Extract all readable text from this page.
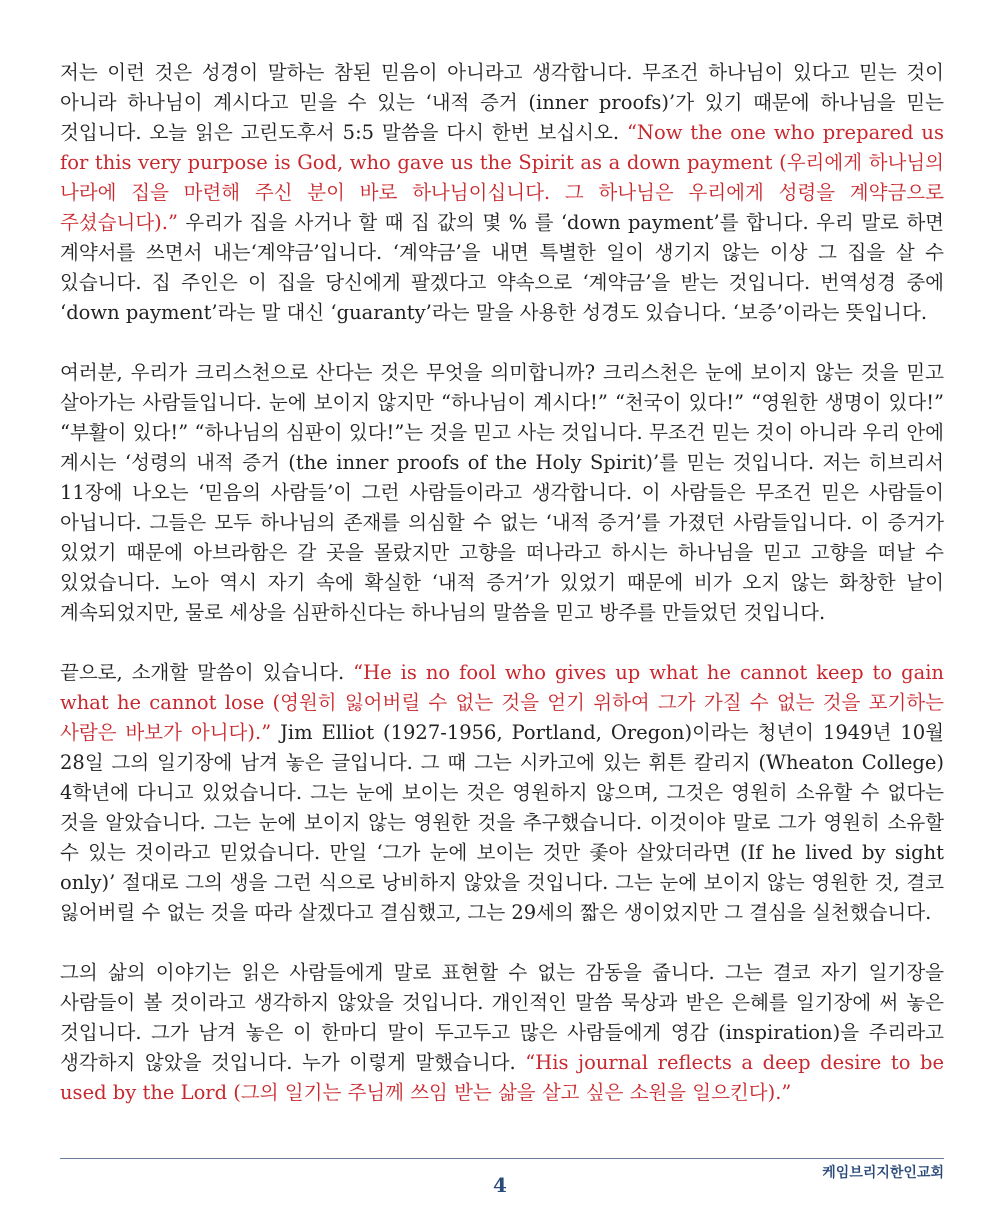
저는 이런 것은 성경이 말하는 참된 믿음이 아니라고 생각합니다. 무조건 하나님이 있다고 믿는 것이 아니라 하나님이 계시다고 믿을 수 있는 ‘내적 증거 (inner proofs)’가 있기 때문에 하나님을 믿는 것입니다. 오늘 읽은 고린도후서 5:5 말씀을 다시 한번 보십시오. “Now the one who prepared us for this very purpose is God, who gave us the Spirit as a down payment (우리에게 하나님의 나라에 집을 마련해 주신 분이 바로 하나님이십니다. 그 하나님은 우리에게 성령을 계약금으로 주셨습니다).” 우리가 집을 사거나 할 때 집 값의 몇 % 를 ‘down payment’를 합니다. 우리 말로 하면 계약서를 쓰면서 내는‘계약금’입니다. ‘계약금’을 내면 특별한 일이 생기지 않는 이상 그 집을 살 수 있습니다. 집 주인은 이 집을 당신에게 팔겠다고 약속으로 ‘계약금’을 받는 것입니다. 번역성경 중에 ‘down payment’라는 말 대신 ‘guaranty’라는 말을 사용한 성경도 있습니다. ‘보증’이라는 뜻입니다.

여러분, 우리가 크리스천으로 산다는 것은 무엇을 의미합니까? 크리스천은 눈에 보이지 않는 것을 믿고 살아가는 사람들입니다. 눈에 보이지 않지만 “하나님이 계시다!” “천국이 있다!” “영원한 생명이 있다!” “부활이 있다!” “하나님의 심판이 있다!”는 것을 믿고 사는 것입니다. 무조건 믿는 것이 아니라 우리 안에 계시는 ‘성령의 내적 증거 (the inner proofs of the Holy Spirit)’를 믿는 것입니다. 저는 히브리서 11장에 나오는 ‘믿음의 사람들’이 그런 사람들이라고 생각합니다. 이 사람들은 무조건 믿은 사람들이 아닙니다. 그들은 모두 하나님의 존재를 의심할 수 없는 ‘내적 증거’를 가졌던 사람들입니다. 이 증거가 있었기 때문에 아브라함은 갈 곳을 몰랐지만 고향을 떠나라고 하시는 하나님을 믿고 고향을 떠날 수 있었습니다. 노아 역시 자기 속에 확실한 ‘내적 증거’가 있었기 때문에 비가 오지 않는 화창한 날이 계속되었지만, 물로 세상을 심판하신다는 하나님의 말씀을 믿고 방주를 만들었던 것입니다.

끝으로, 소개할 말씀이 있습니다. “He is no fool who gives up what he cannot keep to gain what he cannot lose (영원히 잃어버릴 수 없는 것을 얻기 위하여 그가 가질 수 없는 것을 포기하는 사람은 바보가 아니다).” Jim Elliot (1927-1956, Portland, Oregon)이라는 청년이 1949년 10월 28일 그의 일기장에 남겨 놓은 글입니다. 그 때 그는 시카고에 있는 휘튼 칼리지 (Wheaton College) 4학년에 다니고 있었습니다. 그는 눈에 보이는 것은 영원하지 않으며, 그것은 영원히 소유할 수 없다는 것을 알았습니다. 그는 눈에 보이지 않는 영원한 것을 추구했습니다. 이것이야 말로 그가 영원히 소유할 수 있는 것이라고 믿었습니다. 만일 ‘그가 눈에 보이는 것만 좇아 살았더라면 (If he lived by sight only)’ 절대로 그의 생을 그런 식으로 낭비하지 않았을 것입니다. 그는 눈에 보이지 않는 영원한 것, 결코 잃어버릴 수 없는 것을 따라 살겠다고 결심했고, 그는 29세의 짧은 생이었지만 그 결심을 실천했습니다.

그의 삶의 이야기는 읽은 사람들에게 말로 표현할 수 없는 감동을 줍니다. 그는 결코 자기 일기장을 사람들이 볼 것이라고 생각하지 않았을 것입니다. 개인적인 말씀 묵상과 받은 은혜를 일기장에 써 놓은 것입니다. 그가 남겨 놓은 이 한마디 말이 두고두고 많은 사람들에게 영감 (inspiration)을 주리라고 생각하지 않았을 것입니다. 누가 이렇게 말했습니다. “His journal reflects a deep desire to be used by the Lord (그의 일기는 주님께 쓰임 받는 삶을 살고 싶은 소원을 일으킨다).”

케임브리지한인교회
4
